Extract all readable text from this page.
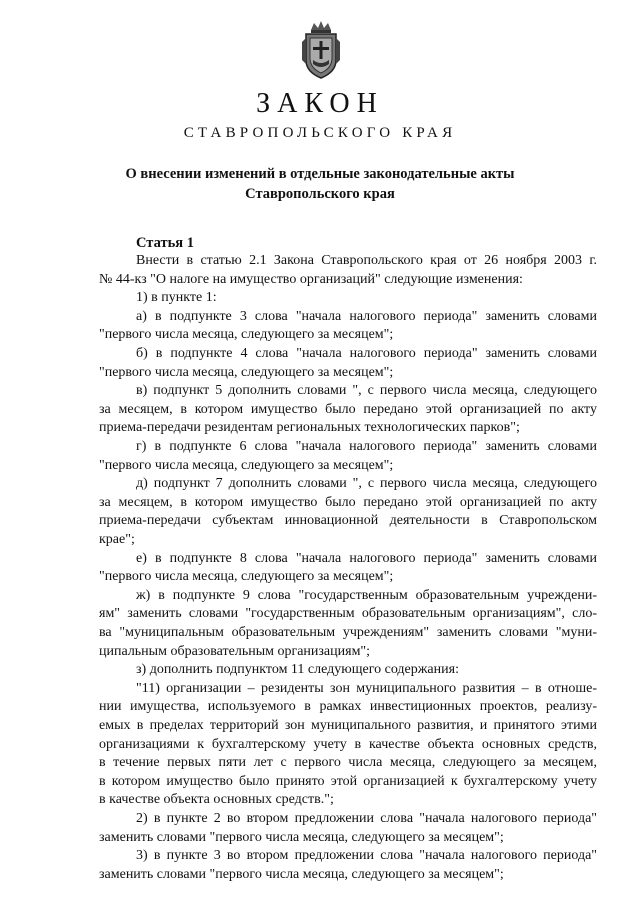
ЗАКОН
СТАВРОПОЛЬСКОГО КРАЯ
О внесении изменений в отдельные законодательные акты
Ставропольского края
Статья 1
Внести в статью 2.1 Закона Ставропольского края от 26 ноября 2003 г.
№ 44-кз "О налоге на имущество организаций" следующие изменения:
1) в пункте 1:
а) в подпункте 3 слова "начала налогового периода" заменить словами
"первого числа месяца, следующего за месяцем";
б) в подпункте 4 слова "начала налогового периода" заменить словами
"первого числа месяца, следующего за месяцем";
в) подпункт 5 дополнить словами ", с первого числа месяца, следующего
за месяцем, в котором имущество было передано этой организацией по акту
приема-передачи резидентам региональных технологических парков";
г) в подпункте 6 слова "начала налогового периода" заменить словами
"первого числа месяца, следующего за месяцем";
д) подпункт 7 дополнить словами ", с первого числа месяца, следующего
за месяцем, в котором имущество было передано этой организацией по акту
приема-передачи субъектам инновационной деятельности в Ставропольском
крае";
е) в подпункте 8 слова "начала налогового периода" заменить словами
"первого числа месяца, следующего за месяцем";
ж) в подпункте 9 слова "государственным образовательным учреждени-
ям" заменить словами "государственным образовательным организациям", сло-
ва "муниципальным образовательным учреждениям" заменить словами "муни-
ципальным образовательным организациям";
з) дополнить подпунктом 11 следующего содержания:
"11) организации – резиденты зон муниципального развития – в отноше-
нии имущества, используемого в рамках инвестиционных проектов, реализу-
емых в пределах территорий зон муниципального развития, и принятого этими
организациями к бухгалтерскому учету в качестве объекта основных средств,
в течение первых пяти лет с первого числа месяца, следующего за месяцем,
в котором имущество было принято этой организацией к бухгалтерскому учету
в качестве объекта основных средств.";
2) в пункте 2 во втором предложении слова "начала налогового периода"
заменить словами "первого числа месяца, следующего за месяцем";
3) в пункте 3 во втором предложении слова "начала налогового периода"
заменить словами "первого числа месяца, следующего за месяцем";
